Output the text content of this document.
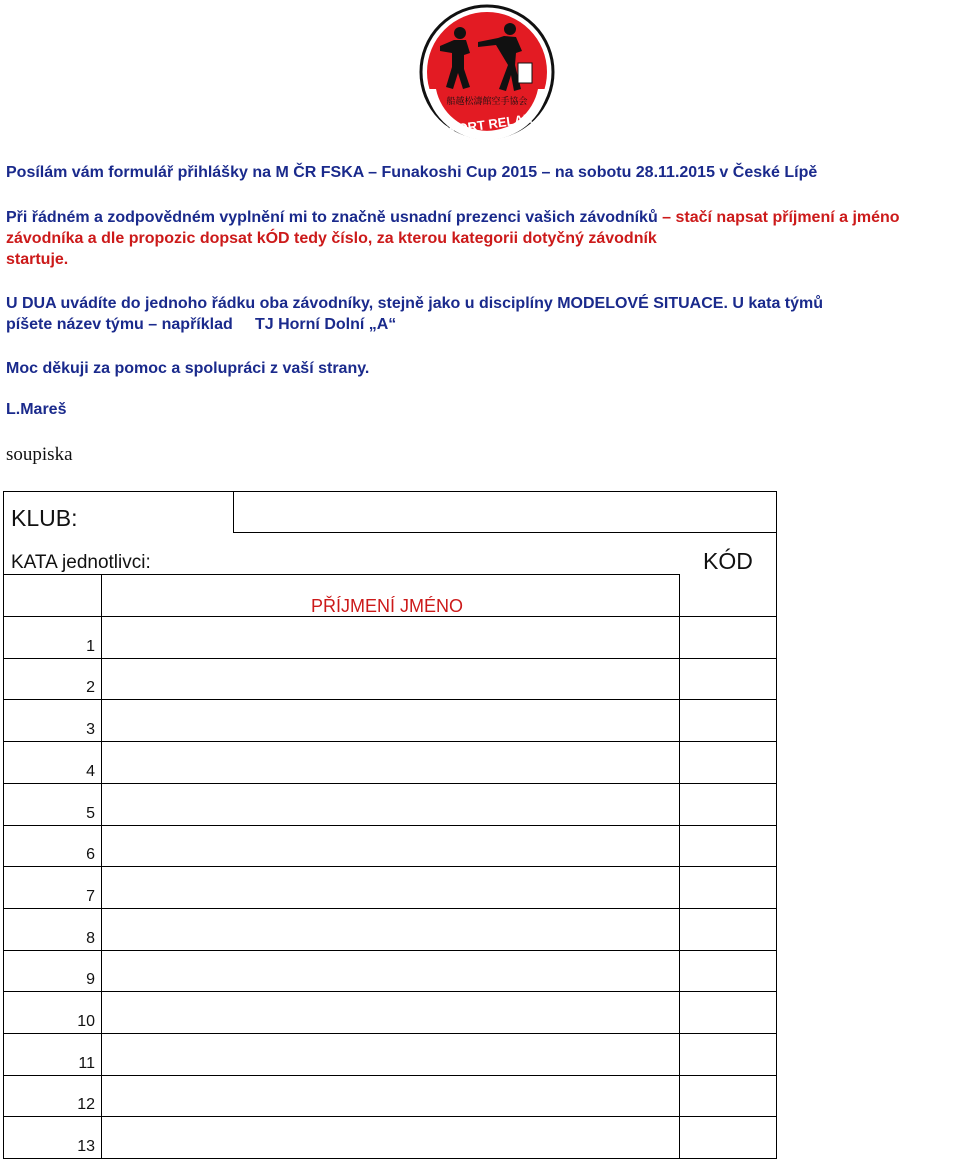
船越松濤館空手協会
SPORT RELAX

Posílám vám formulář přihlášky na M ČR FSKA – Funakoshi Cup 2015 – na sobotu 28.11.2015 v České Lípě

Při řádném a zodpovědném vyplnění mi to značně usnadní prezenci vašich závodníků – stačí napsat příjmení a jméno závodníka a dle propozic dopsat kÓD tedy číslo, za kterou kategorii dotyčný závodník
startuje.
U DUA uvádíte do jednoho řádku oba závodníky, stejně jako u disciplíny MODELOVÉ SITUACE. U kata týmů
píšete název týmu – například     TJ Horní Dolní „A“

Moc děkuji za pomoc a spolupráci z vaší strany.

L.Mareš
soupiska
KLUB:
KATA jednotlivci:	KÓD
PŘÍJMENÍ JMÉNO
1
2
3
4
5
6
7
8
9
10
11
12
13
